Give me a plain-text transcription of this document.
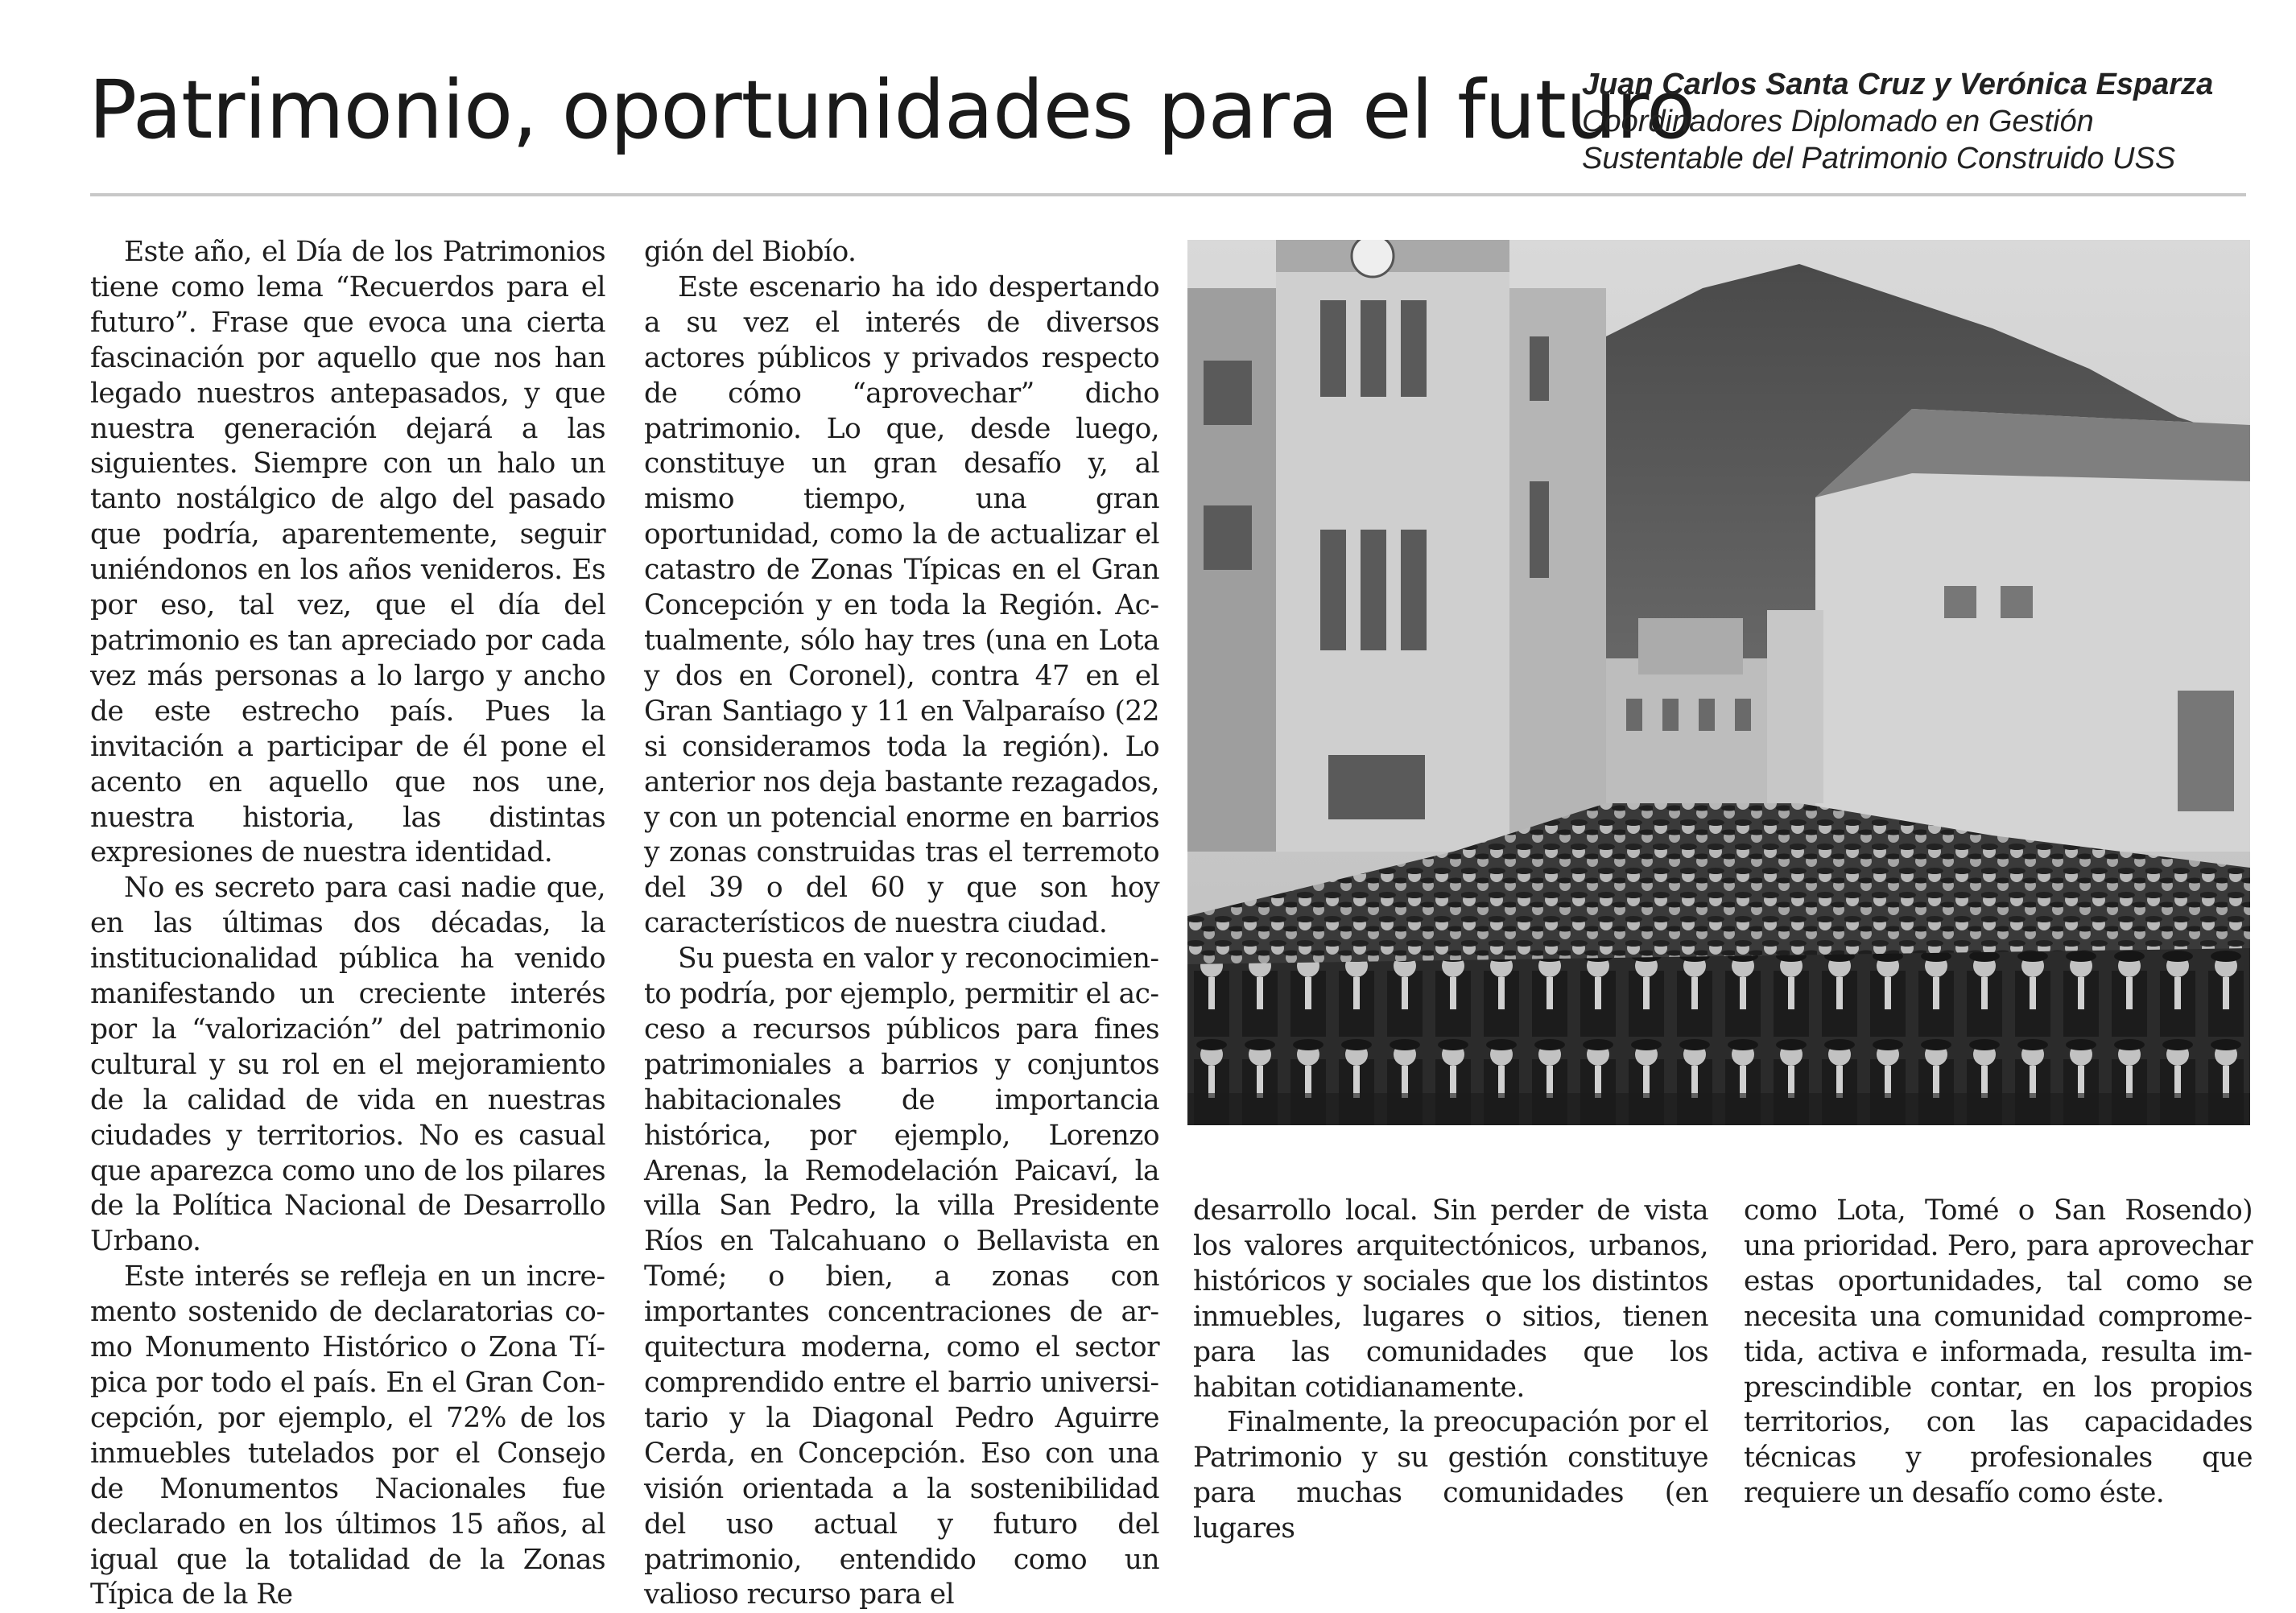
Patrimonio, oportunidades para el futuro
Juan Carlos Santa Cruz y Verónica Esparza
Coordinadores Diplomado en Gestión
Sustentable del Patrimonio Construido USS

Este año, el Día de los Patrimonios tiene como lema “Recuerdos para el futuro”. Frase que evoca una cierta fascinación por aquello que nos han legado nuestros antepasados, y que nuestra generación dejará a las siguientes. Siempre con un halo un tanto nostálgico de algo del pasado que podría, aparentemente, seguir uniéndonos en los años venideros. Es por eso, tal vez, que el día del patrimonio es tan apreciado por cada vez más personas a lo largo y ancho de este estrecho país. Pues la invitación a participar de él pone el acento en aquello que nos une, nuestra historia, las distintas expresiones de nuestra identidad.

No es secreto para casi nadie que, en las últimas dos décadas, la institucionalidad pública ha venido manifestando un creciente interés por la “valorización” del patrimonio cultural y su rol en el mejoramiento de la calidad de vida en nuestras ciudades y territorios. No es casual que aparezca como uno de los pilares de la Política Nacional de Desarrollo Urbano.

Este interés se refleja en un incremento sostenido de declaratorias como Monumento Histórico o Zona Típica por todo el país. En el Gran Concepción, por ejemplo, el 72% de los inmuebles tutelados por el Consejo de Monumentos Nacionales fue declarado en los últimos 15 años, al igual que la totalidad de la Zonas Típica de la Re

gión del Biobío.

Este escenario ha ido despertando a su vez el interés de diversos actores públicos y privados respecto de cómo “aprovechar” dicho patrimonio. Lo que, desde luego, constituye un gran desafío y, al mismo tiempo, una gran oportunidad, como la de actualizar el catastro de Zonas Típicas en el Gran Concepción y en toda la Región. Actualmente, sólo hay tres (una en Lota y dos en Coronel), contra 47 en el Gran Santiago y 11 en Valparaíso (22 si consideramos toda la región). Lo anterior nos deja bastante rezagados, y con un potencial enorme en barrios y zonas construidas tras el terremoto del 39 o del 60 y que son hoy característicos de nuestra ciudad.

Su puesta en valor y reconocimiento podría, por ejemplo, permitir el acceso a recursos públicos para fines patrimoniales a barrios y conjuntos habitacionales de importancia histórica, por ejemplo, Lorenzo Arenas, la Remodelación Paicaví, la villa San Pedro, la villa Presidente Ríos en Talcahuano o Bellavista en Tomé; o bien, a zonas con importantes concentraciones de arquitectura moderna, como el sector comprendido entre el barrio universitario y la Diagonal Pedro Aguirre Cerda, en Concepción. Eso con una visión orientada a la sostenibilidad del uso actual y futuro del patrimonio, entendido como un valioso recurso para el

desarrollo local. Sin perder de vista los valores arquitectónicos, urbanos, históricos y sociales que los distintos inmuebles, lugares o sitios, tienen para las comunidades que los habitan cotidianamente.

Finalmente, la preocupación por el Patrimonio y su gestión constituye para muchas comunidades (en lugares

como Lota, Tomé o San Rosendo) una prioridad. Pero, para aprovechar estas oportunidades, tal como se necesita una comunidad comprometida, activa e informada, resulta imprescindible contar, en los propios territorios, con las capacidades técnicas y profesionales que requiere un desafío como éste.
